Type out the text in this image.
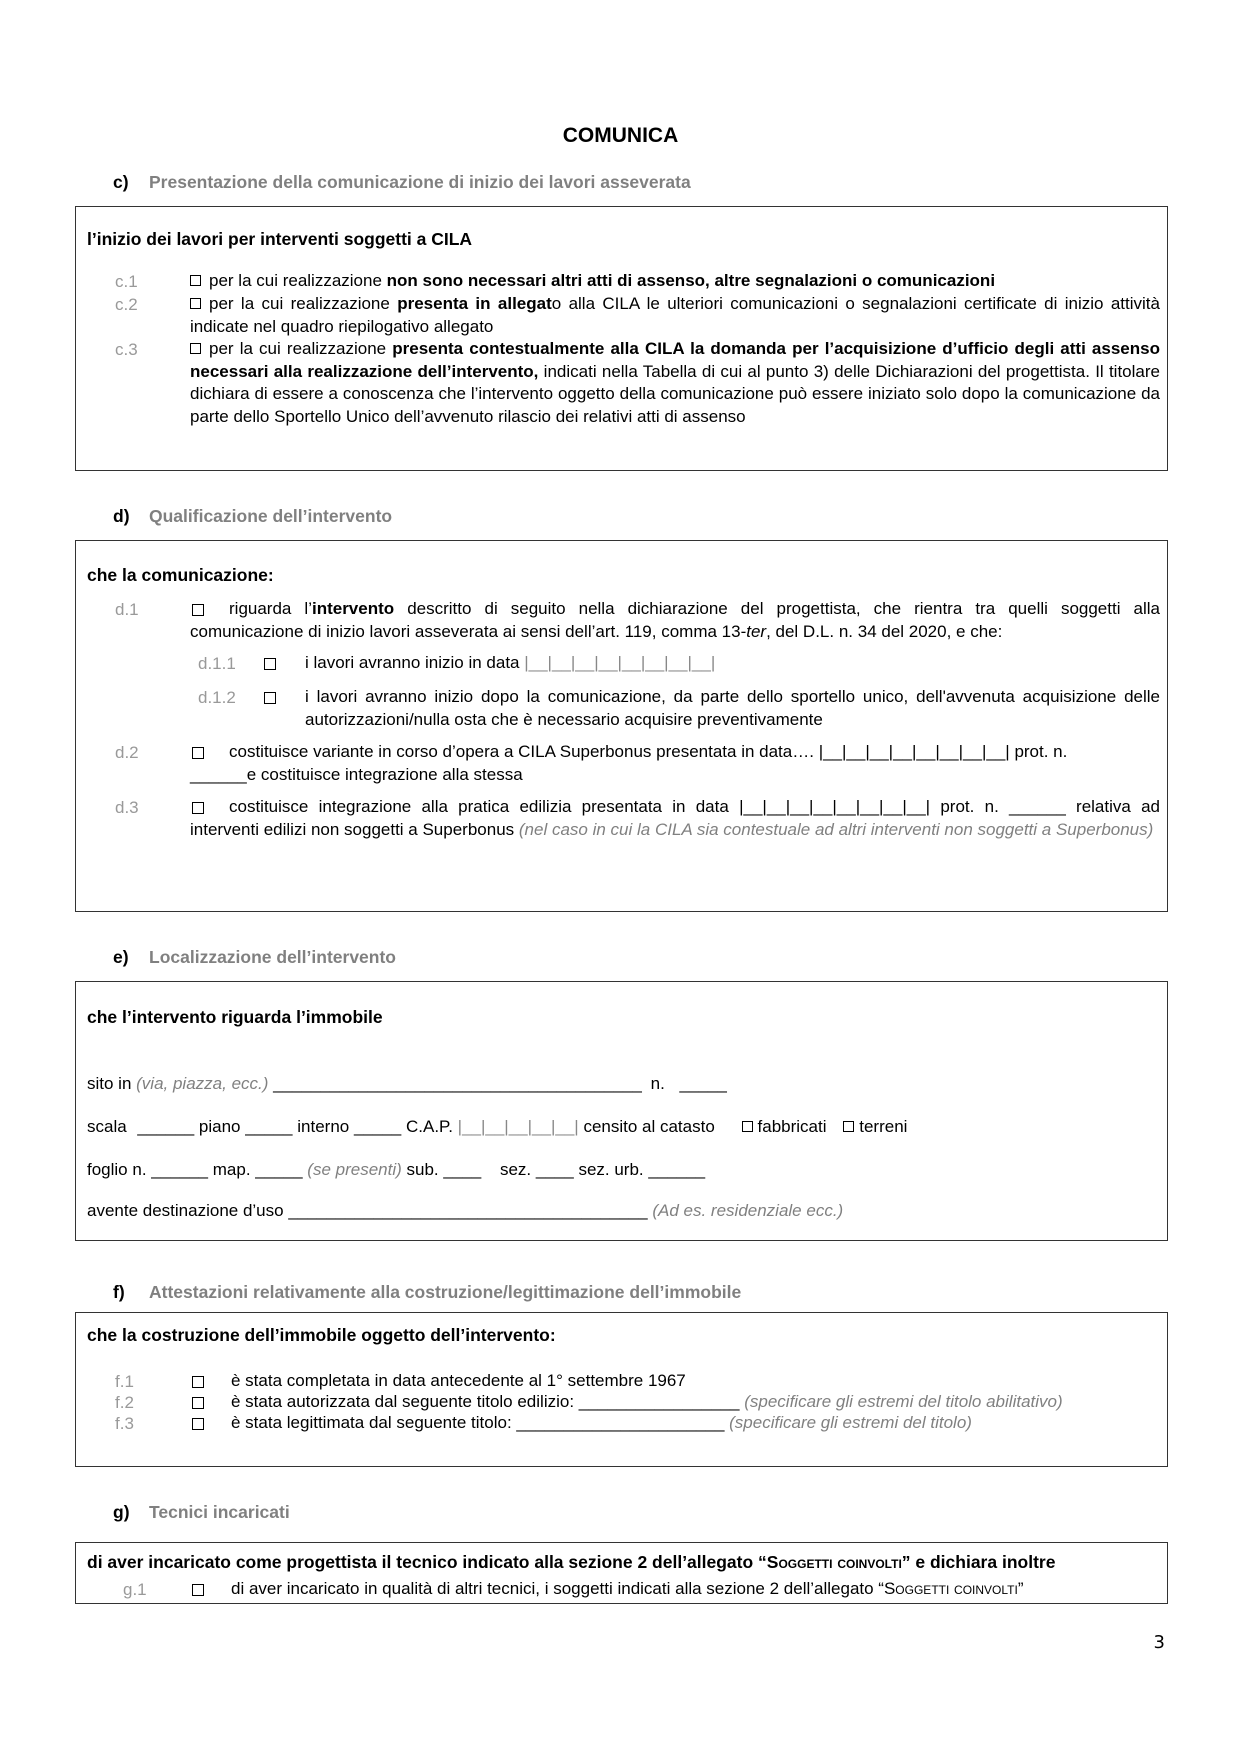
COMUNICA
c) Presentazione della comunicazione di inizio dei lavori asseverata
l’inizio dei lavori per interventi soggetti a CILA
c.1	per la cui realizzazione non sono necessari altri atti di assenso, altre segnalazioni o comunicazioni
c.2	per la cui realizzazione presenta in allegato alla CILA le ulteriori comunicazioni o segnalazioni certificate di inizio attività indicate nel quadro riepilogativo allegato
c.3	per la cui realizzazione presenta contestualmente alla CILA la domanda per l’acquisizione d’ufficio degli atti assenso necessari alla realizzazione dell’intervento, indicati nella Tabella di cui al punto 3) delle Dichiarazioni del progettista. Il titolare dichiara di essere a conoscenza che l’intervento oggetto della comunicazione può essere iniziato solo dopo la comunicazione da parte dello Sportello Unico dell’avvenuto rilascio dei relativi atti di assenso
d) Qualificazione dell’intervento
che la comunicazione:
d.1	riguarda l’intervento descritto di seguito nella dichiarazione del progettista, che rientra tra quelli soggetti alla comunicazione di inizio lavori asseverata ai sensi dell’art. 119, comma 13-ter, del D.L. n. 34 del 2020, e che:
d.1.1	i lavori avranno inizio in data |__|__|__|__|__|__|__|__|
d.1.2	i lavori avranno inizio dopo la comunicazione, da parte dello sportello unico, dell'avvenuta acquisizione delle autorizzazioni/nulla osta che è necessario acquisire preventivamente
d.2	costituisce variante in corso d’opera a CILA Superbonus presentata in data…. |__|__|__|__|__|__|__|__| prot. n.
______e costituisce integrazione alla stessa
d.3	costituisce integrazione alla pratica edilizia presentata in data |__|__|__|__|__|__|__|__| prot. n. ______ relativa ad interventi edilizi non soggetti a Superbonus (nel caso in cui la CILA sia contestuale ad altri interventi non soggetti a Superbonus)
e) Localizzazione dell’intervento
che l’intervento riguarda l’immobile
sito in (via, piazza, ecc.) _______________________________________ n. _____
scala ______ piano _____ interno _____ C.A.P. |__|__|__|__|__| censito al catasto	fabbricati terreni
foglio n. ______ map. _____ (se presenti) sub. ____ sez. ____ sez. urb. ______
avente destinazione d’uso ______________________________________ (Ad es. residenziale ecc.)
f) Attestazioni relativamente alla costruzione/legittimazione dell’immobile
che la costruzione dell’immobile oggetto dell’intervento:
f.1	è stata completata in data antecedente al 1° settembre 1967
f.2	è stata autorizzata dal seguente titolo edilizio: _________________ (specificare gli estremi del titolo abilitativo)
f.3	è stata legittimata dal seguente titolo: ______________________ (specificare gli estremi del titolo)
g) Tecnici incaricati
di aver incaricato come progettista il tecnico indicato alla sezione 2 dell’allegato “Soggetti coinvolti” e dichiara inoltre
g.1	di aver incaricato in qualità di altri tecnici, i soggetti indicati alla sezione 2 dell’allegato “Soggetti coinvolti”
3
